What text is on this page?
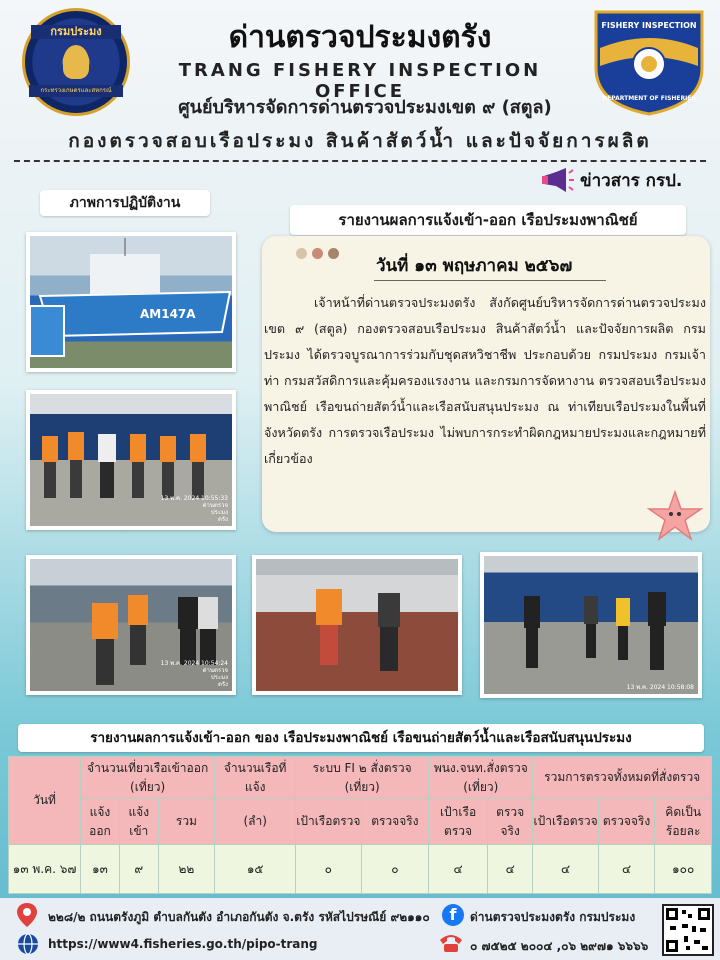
กรมประมง
กระทรวงเกษตรและสหกรณ์
FISHERY INSPECTION
DEPARTMENT OF FISHERIES
ด่านตรวจประมงตรัง
TRANG FISHERY INSPECTION OFFICE
ศูนย์บริหารจัดการด่านตรวจประมงเขต ๙ (สตูล)
กองตรวจสอบเรือประมง สินค้าสัตว์น้ำ และปัจจัยการผลิต
ข่าวสาร กรป.
ภาพการปฏิบัติงาน
AM147A
13 พ.ค. 2024 10:55:33
ด่านตรวจ
ประมง
ตรัง
13 พ.ค. 2024 10:54:24
ด่านตรวจ
ประมง
ตรัง	13 พ.ค. 2024 10:58:08
รายงานผลการแจ้งเข้า-ออก เรือประมงพาณิชย์
วันที่ ๑๓ พฤษภาคม ๒๕๖๗
เจ้าหน้าที่ด่านตรวจประมงตรัง สังกัดศูนย์บริหารจัดการด่านตรวจประมง เขต ๙ (สตูล) กองตรวจสอบเรือประมง สินค้าสัตว์น้ำ และปัจจัยการผลิต กรมประมง ได้ตรวจบูรณาการร่วมกับชุดสหวิชาชีพ ประกอบด้วย กรมประมง กรมเจ้าท่า กรมสวัสดิการและคุ้มครองแรงงาน และกรมการจัดหางาน ตรวจสอบเรือประมงพาณิชย์ เรือขนถ่ายสัตว์น้ำและเรือสนับสนุนประมง ณ ท่าเทียบเรือประมงในพื้นที่จังหวัดตรัง การตรวจเรือประมง ไม่พบการกระทำผิดกฎหมายประมงและกฎหมายที่เกี่ยวข้อง
รายงานผลการแจ้งเข้า-ออก ของ เรือประมงพาณิชย์ เรือขนถ่ายสัตว์น้ำและเรือสนับสนุนประมง
วันที่	จำนวนเที่ยวเรือเข้าออก (เที่ยว)			จำนวนเรือที่แจ้ง	ระบบ FI ๒ สั่งตรวจ (เที่ยว)		พนง.จนท.สั่งตรวจ (เที่ยว)		รวมการตรวจทั้งหมดที่สั่งตรวจ		
	แจ้งออก	แจ้งเข้า	รวม	(ลำ)	เป้าเรือตรวจ	ตรวจจริง	เป้าเรือตรวจ	ตรวจจริง	เป้าเรือตรวจ	ตรวจจริง	คิดเป็นร้อยละ
๑๓ พ.ค. ๖๗	๑๓	๙	๒๒	๑๕	๐	๐	๔	๔	๔	๔	๑๐๐
๒๒๘/๒ ถนนตรังภูมิ ตำบลกันตัง อำเภอกันตัง จ.ตรัง รหัสไปรษณีย์ ๙๒๑๑๐	f	ด่านตรวจประมงตรัง กรมประมง
https://www4.fisheries.go.th/pipo-trang	๐ ๗๕๒๕ ๒๐๐๔ ,๐๖ ๒๙๗๑ ๖๖๖๖
